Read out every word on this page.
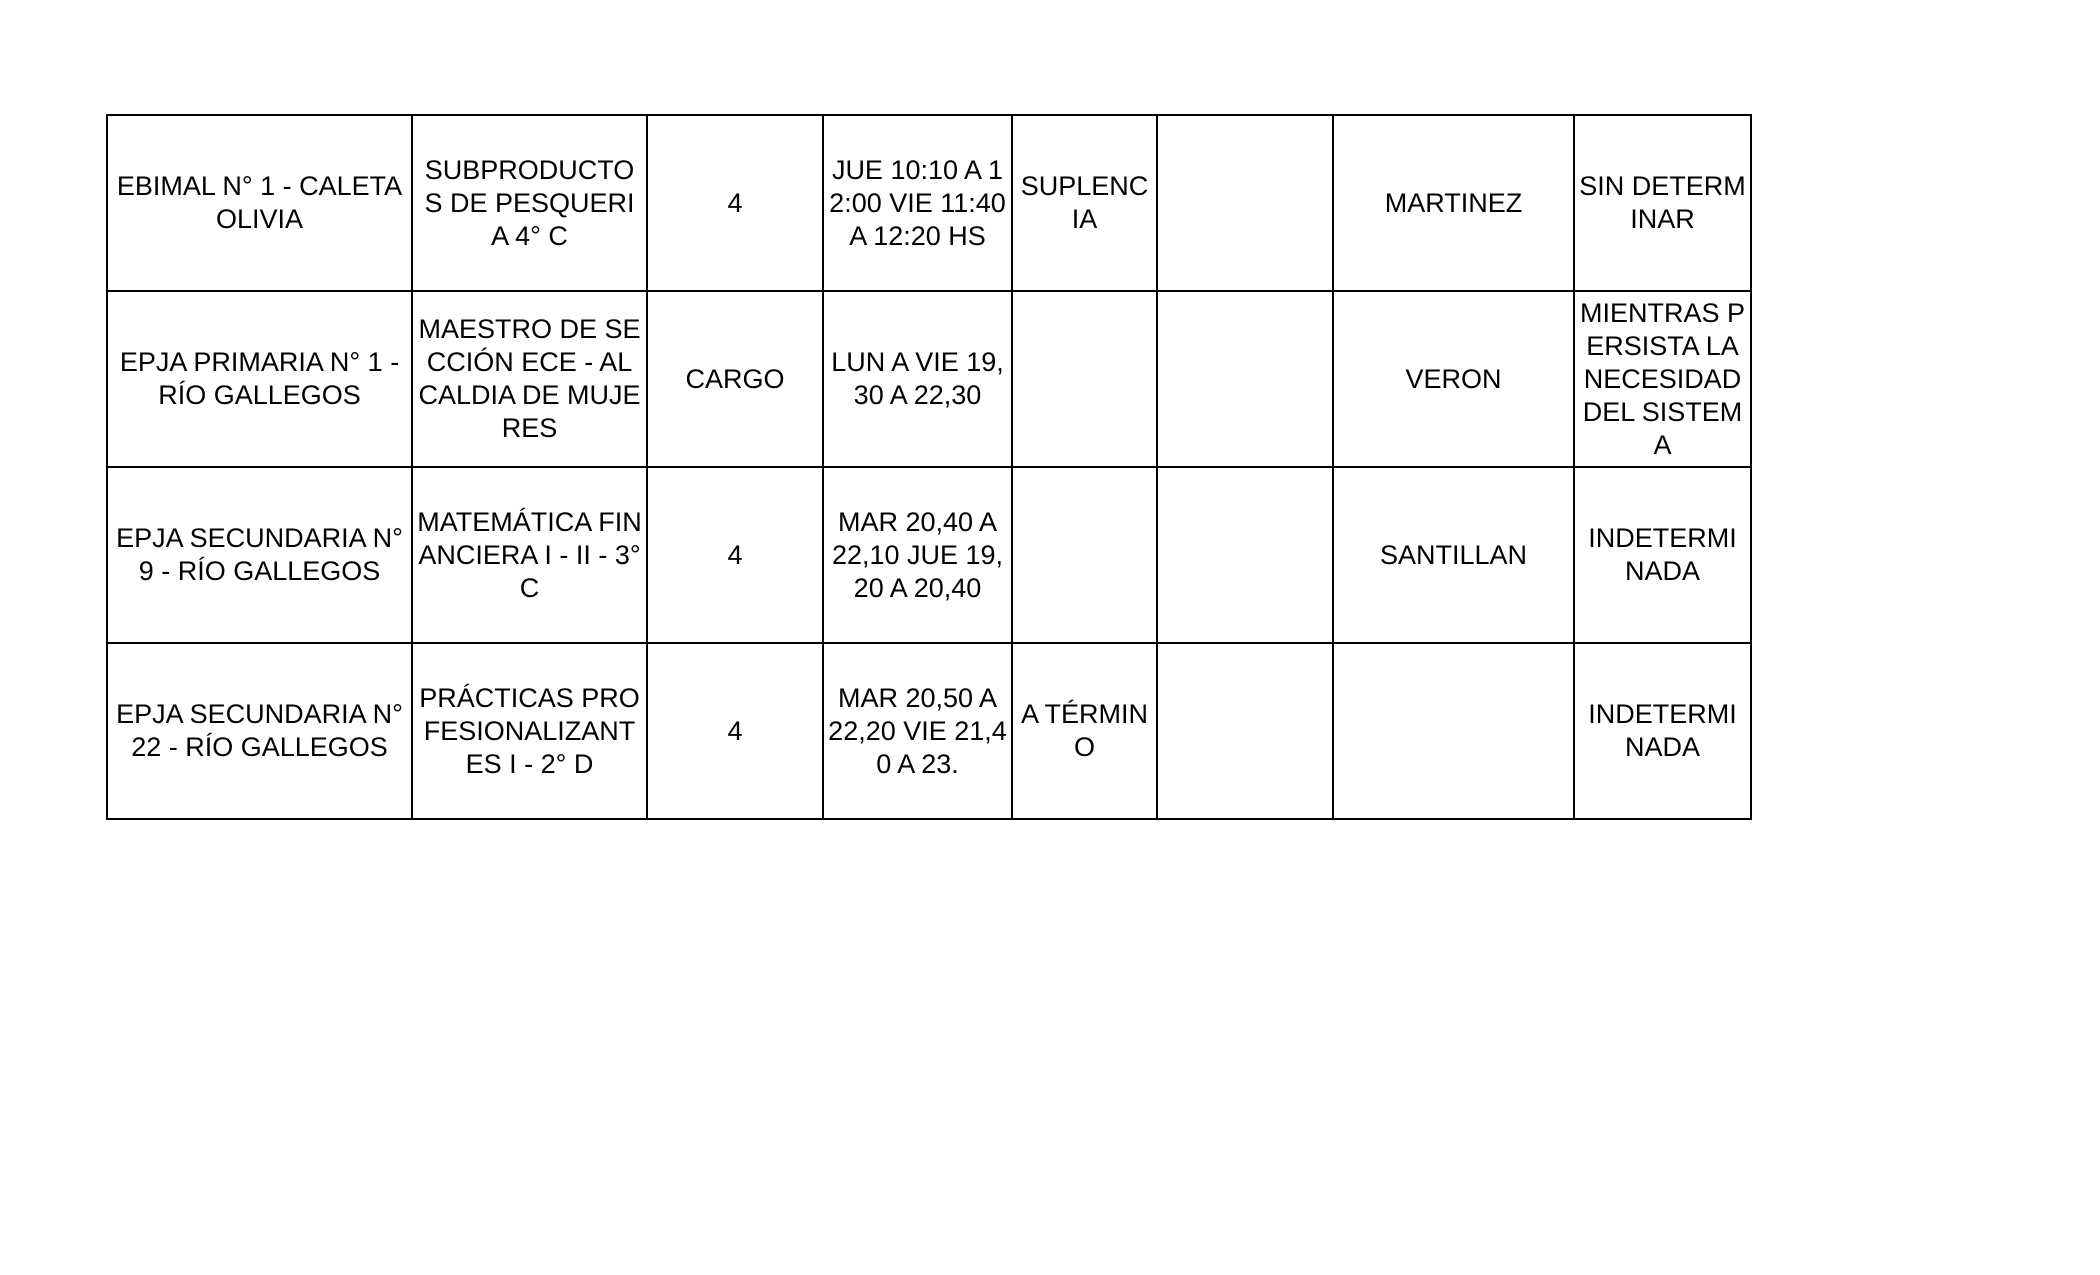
EBIMAL N° 1 - CALETA OLIVIA	SUBPRODUCTOS DE PESQUERIA 4° C	4	JUE 10:10 A 12:00 VIE 11:40 A 12:20 HS	SUPLENCIA		MARTINEZ	SIN DETERMINAR

EPJA PRIMARIA N° 1 - RÍO GALLEGOS	MAESTRO DE SECCIÓN ECE - ALCALDIA DE MUJERES	CARGO	LUN A VIE 19,30 A 22,30			VERON	MIENTRAS PERSISTA LA NECESIDAD DEL SISTEMA

EPJA SECUNDARIA N° 9 - RÍO GALLEGOS	MATEMÁTICA FINANCIERA I - II - 3° C	4	MAR 20,40 A 22,10 JUE 19,20 A 20,40			SANTILLAN	INDETERMINADA

EPJA SECUNDARIA N° 22 - RÍO GALLEGOS	PRÁCTICAS PROFESIONALIZANTES I - 2° D	4	MAR 20,50 A 22,20 VIE 21,40 A 23.	A TÉRMINO			INDETERMINADA
